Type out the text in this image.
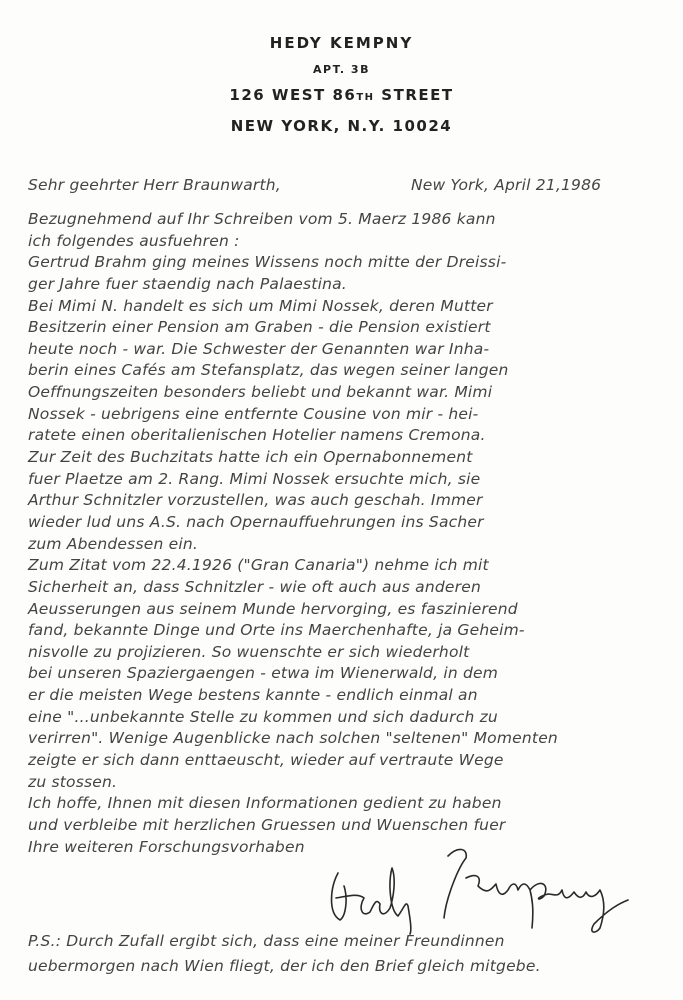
HEDY KEMPNY
APT. 3B
126 WEST 86TH STREET
NEW YORK, N.Y. 10024
Sehr geehrter Herr Braunwarth,	New York, April 21,1986
Bezugnehmend auf Ihr Schreiben vom 5. Maerz 1986 kann
ich folgendes ausfuehren :
Gertrud Brahm ging meines Wissens noch mitte der Dreissi-
ger Jahre fuer staendig nach Palaestina.
Bei Mimi N. handelt es sich um Mimi Nossek, deren Mutter
Besitzerin einer Pension am Graben - die Pension existiert
heute noch - war. Die Schwester der Genannten war Inha-
berin eines Cafés am Stefansplatz, das wegen seiner langen
Oeffnungszeiten besonders beliebt und bekannt war. Mimi
Nossek - uebrigens eine entfernte Cousine von mir - hei-
ratete einen oberitalienischen Hotelier namens Cremona.
Zur Zeit des Buchzitats hatte ich ein Opernabonnement
fuer Plaetze am 2. Rang. Mimi Nossek ersuchte mich, sie
Arthur Schnitzler vorzustellen, was auch geschah. Immer
wieder lud uns A.S. nach Opernauffuehrungen ins Sacher
zum Abendessen ein.
Zum Zitat vom 22.4.1926 ("Gran Canaria") nehme ich mit
Sicherheit an, dass Schnitzler - wie oft auch aus anderen
Aeusserungen aus seinem Munde hervorging, es faszinierend
fand, bekannte Dinge und Orte ins Maerchenhafte, ja Geheim-
nisvolle zu projizieren. So wuenschte er sich wiederholt
bei unseren Spaziergaengen - etwa im Wienerwald, in dem
er die meisten Wege bestens kannte - endlich einmal an
eine "...unbekannte Stelle zu kommen und sich dadurch zu
verirren". Wenige Augenblicke nach solchen "seltenen" Momenten
zeigte er sich dann enttaeuscht, wieder auf vertraute Wege
zu stossen.
Ich hoffe, Ihnen mit diesen Informationen gedient zu haben
und verbleibe mit herzlichen Gruessen und Wuenschen fuer
Ihre weiteren Forschungsvorhaben
P.S.: Durch Zufall ergibt sich, dass eine meiner Freundinnen
uebermorgen nach Wien fliegt, der ich den Brief gleich mitgebe.
